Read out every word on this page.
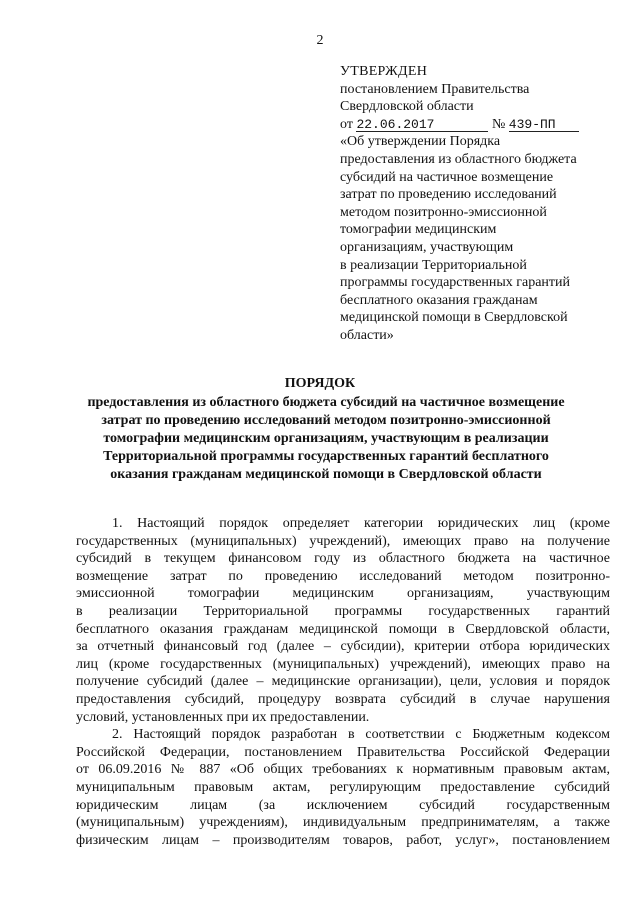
2
УТВЕРЖДЕН
постановлением Правительства
Свердловской области
от 22.06.2017	№ 439-ПП
«Об утверждении Порядка
предоставления из областного бюджета
субсидий на частичное возмещение
затрат по проведению исследований
методом позитронно-эмиссионной
томографии медицинским
организациям, участвующим
в реализации Территориальной
программы государственных гарантий
бесплатного оказания гражданам
медицинской помощи в Свердловской
области»
ПОРЯДОК
предоставления из областного бюджета субсидий на частичное возмещение
затрат по проведению исследований методом позитронно-эмиссионной
томографии медицинским организациям, участвующим в реализации
Территориальной программы государственных гарантий бесплатного
оказания гражданам медицинской помощи в Свердловской области
1. Настоящий порядок определяет категории юридических лиц (кроме
государственных (муниципальных) учреждений), имеющих право на получение
субсидий в текущем финансовом году из областного бюджета на частичное
возмещение затрат по проведению исследований методом позитронно-
эмиссионной томографии медицинским организациям, участвующим
в реализации Территориальной программы государственных гарантий
бесплатного оказания гражданам медицинской помощи в Свердловской области,
за отчетный финансовый год (далее – субсидии), критерии отбора юридических
лиц (кроме государственных (муниципальных) учреждений), имеющих право на
получение субсидий (далее – медицинские организации), цели, условия и порядок
предоставления субсидий, процедуру возврата субсидий в случае нарушения
условий, установленных при их предоставлении.
2. Настоящий порядок разработан в соответствии с Бюджетным кодексом
Российской Федерации, постановлением Правительства Российской Федерации
от 06.09.2016 № 887 «Об общих требованиях к нормативным правовым актам,
муниципальным правовым актам, регулирующим предоставление субсидий
юридическим лицам (за исключением субсидий государственным
(муниципальным) учреждениям), индивидуальным предпринимателям, а также
физическим лицам – производителям товаров, работ, услуг», постановлением
